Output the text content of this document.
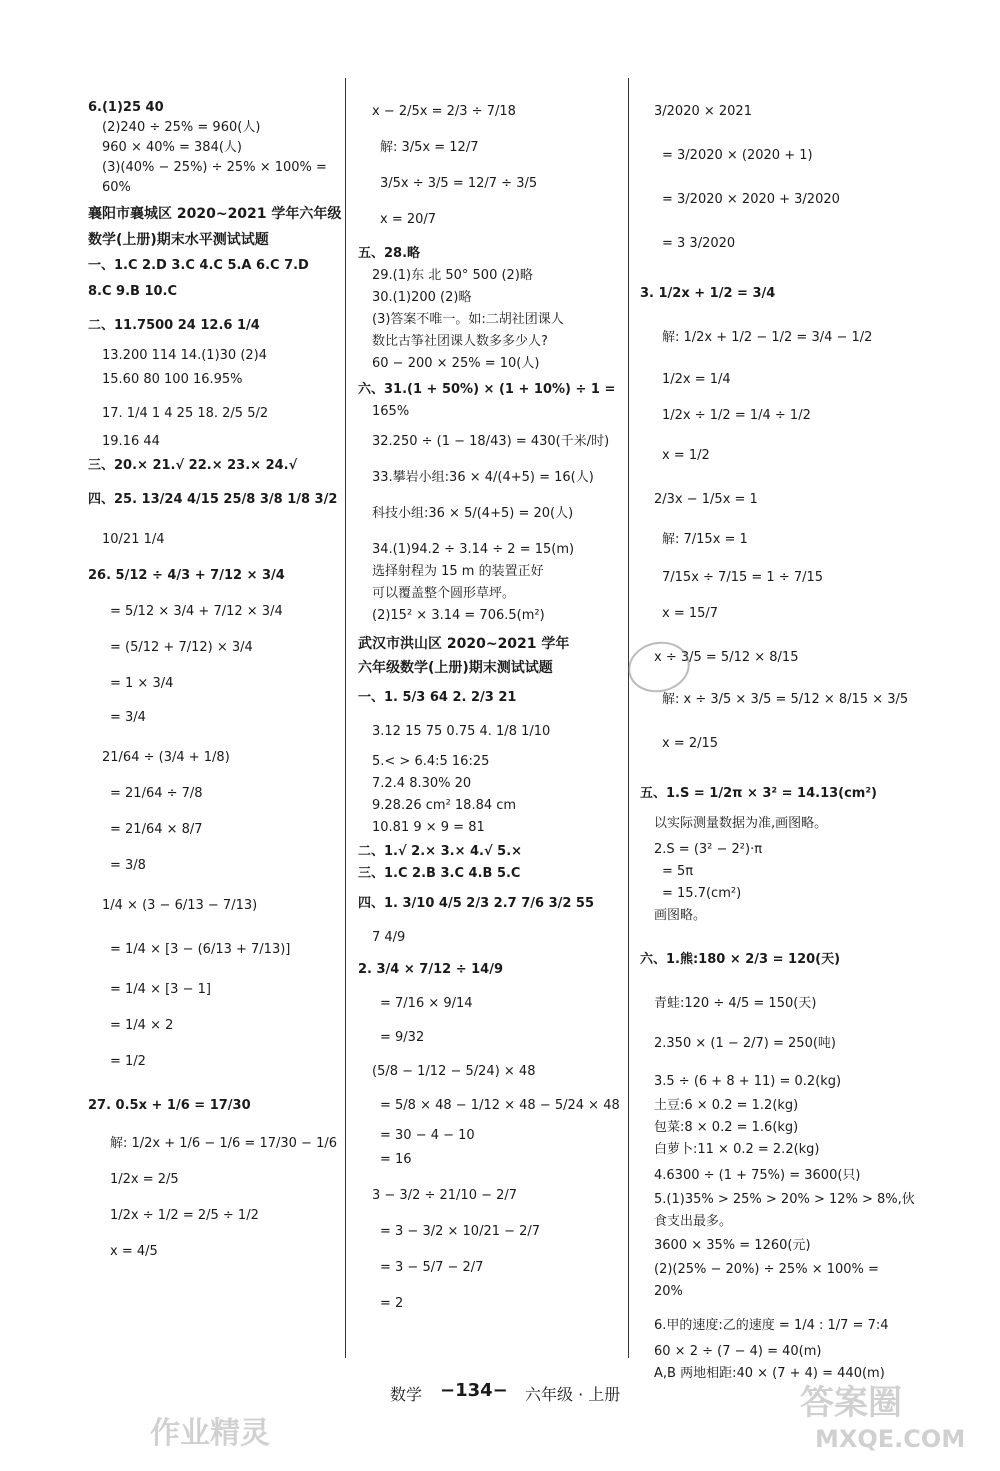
6.(1)25 40
(2)240 ÷ 25% = 960(人)
960 × 40% = 384(人)
(3)(40% − 25%) ÷ 25% × 100% =
60%
襄阳市襄城区 2020~2021 学年六年级
数学(上册)期末水平测试试题
一、1.C 2.D 3.C 4.C 5.A 6.C 7.D
8.C 9.B 10.C
二、11.7500 24 12.6 1/4
13.200 114 14.(1)30 (2)4
15.60 80 100 16.95%
17. 1/4 1 4 25 18. 2/5 5/2
19.16 44
三、20.× 21.√ 22.× 23.× 24.√
四、25. 13/24 4/15 25/8 3/8 1/8 3/2
10/21 1/4
26. 5/12 ÷ 4/3 + 7/12 × 3/4
= 5/12 × 3/4 + 7/12 × 3/4
= (5/12 + 7/12) × 3/4
= 1 × 3/4
= 3/4
21/64 ÷ (3/4 + 1/8)
= 21/64 ÷ 7/8
= 21/64 × 8/7
= 3/8
1/4 × (3 − 6/13 − 7/13)
= 1/4 × [3 − (6/13 + 7/13)]
= 1/4 × [3 − 1]
= 1/4 × 2
= 1/2
27. 0.5x + 1/6 = 17/30
解: 1/2x + 1/6 − 1/6 = 17/30 − 1/6
1/2x = 2/5
1/2x ÷ 1/2 = 2/5 ÷ 1/2
x = 4/5
x − 2/5x = 2/3 ÷ 7/18
解: 3/5x = 12/7
3/5x ÷ 3/5 = 12/7 ÷ 3/5
x = 20/7
五、28.略
29.(1)东 北 50° 500 (2)略
30.(1)200 (2)略
(3)答案不唯一。如:二胡社团课人
数比古筝社团课人数多多少人?
60 − 200 × 25% = 10(人)
六、31.(1 + 50%) × (1 + 10%) ÷ 1 =
165%
32.250 ÷ (1 − 18/43) = 430(千米/时)
33.攀岩小组:36 × 4/(4+5) = 16(人)
科技小组:36 × 5/(4+5) = 20(人)
34.(1)94.2 ÷ 3.14 ÷ 2 = 15(m)
选择射程为 15 m 的装置正好
可以覆盖整个圆形草坪。
(2)15² × 3.14 = 706.5(m²)
武汉市洪山区 2020~2021 学年
六年级数学(上册)期末测试试题
一、1. 5/3 64 2. 2/3 21
3.12 15 75 0.75 4. 1/8 1/10
5.< > 6.4:5 16:25
7.2.4 8.30% 20
9.28.26 cm² 18.84 cm
10.81 9 × 9 = 81
二、1.√ 2.× 3.× 4.√ 5.×
三、1.C 2.B 3.C 4.B 5.C
四、1. 3/10 4/5 2/3 2.7 7/6 3/2 55
7 4/9
2. 3/4 × 7/12 ÷ 14/9
= 7/16 × 9/14
= 9/32
(5/8 − 1/12 − 5/24) × 48
= 5/8 × 48 − 1/12 × 48 − 5/24 × 48
= 30 − 4 − 10
= 16
3 − 3/2 ÷ 21/10 − 2/7
= 3 − 3/2 × 10/21 − 2/7
= 3 − 5/7 − 2/7
= 2
3/2020 × 2021
= 3/2020 × (2020 + 1)
= 3/2020 × 2020 + 3/2020
= 3 3/2020
3. 1/2x + 1/2 = 3/4
解: 1/2x + 1/2 − 1/2 = 3/4 − 1/2
1/2x = 1/4
1/2x ÷ 1/2 = 1/4 ÷ 1/2
x = 1/2
2/3x − 1/5x = 1
解: 7/15x = 1
7/15x ÷ 7/15 = 1 ÷ 7/15
x = 15/7
x ÷ 3/5 = 5/12 × 8/15
解: x ÷ 3/5 × 3/5 = 5/12 × 8/15 × 3/5
x = 2/15
五、1.S = 1/2π × 3² = 14.13(cm²)
以实际测量数据为准,画图略。
2.S = (3² − 2²)·π
= 5π
= 15.7(cm²)
画图略。
六、1.熊:180 × 2/3 = 120(天)
青蛙:120 ÷ 4/5 = 150(天)
2.350 × (1 − 2/7) = 250(吨)
3.5 ÷ (6 + 8 + 11) = 0.2(kg)
土豆:6 × 0.2 = 1.2(kg)
包菜:8 × 0.2 = 1.6(kg)
白萝卜:11 × 0.2 = 2.2(kg)
4.6300 ÷ (1 + 75%) = 3600(只)
5.(1)35% > 25% > 20% > 12% > 8%,伙
食支出最多。
3600 × 35% = 1260(元)
(2)(25% − 20%) ÷ 25% × 100% =
20%
6.甲的速度:乙的速度 = 1/4 : 1/7 = 7:4
60 × 2 ÷ (7 − 4) = 40(m)
A,B 两地相距:40 × (7 + 4) = 440(m)
数学 −134− 六年级 · 上册
作业精灵
答案圈
MXQE.COM
